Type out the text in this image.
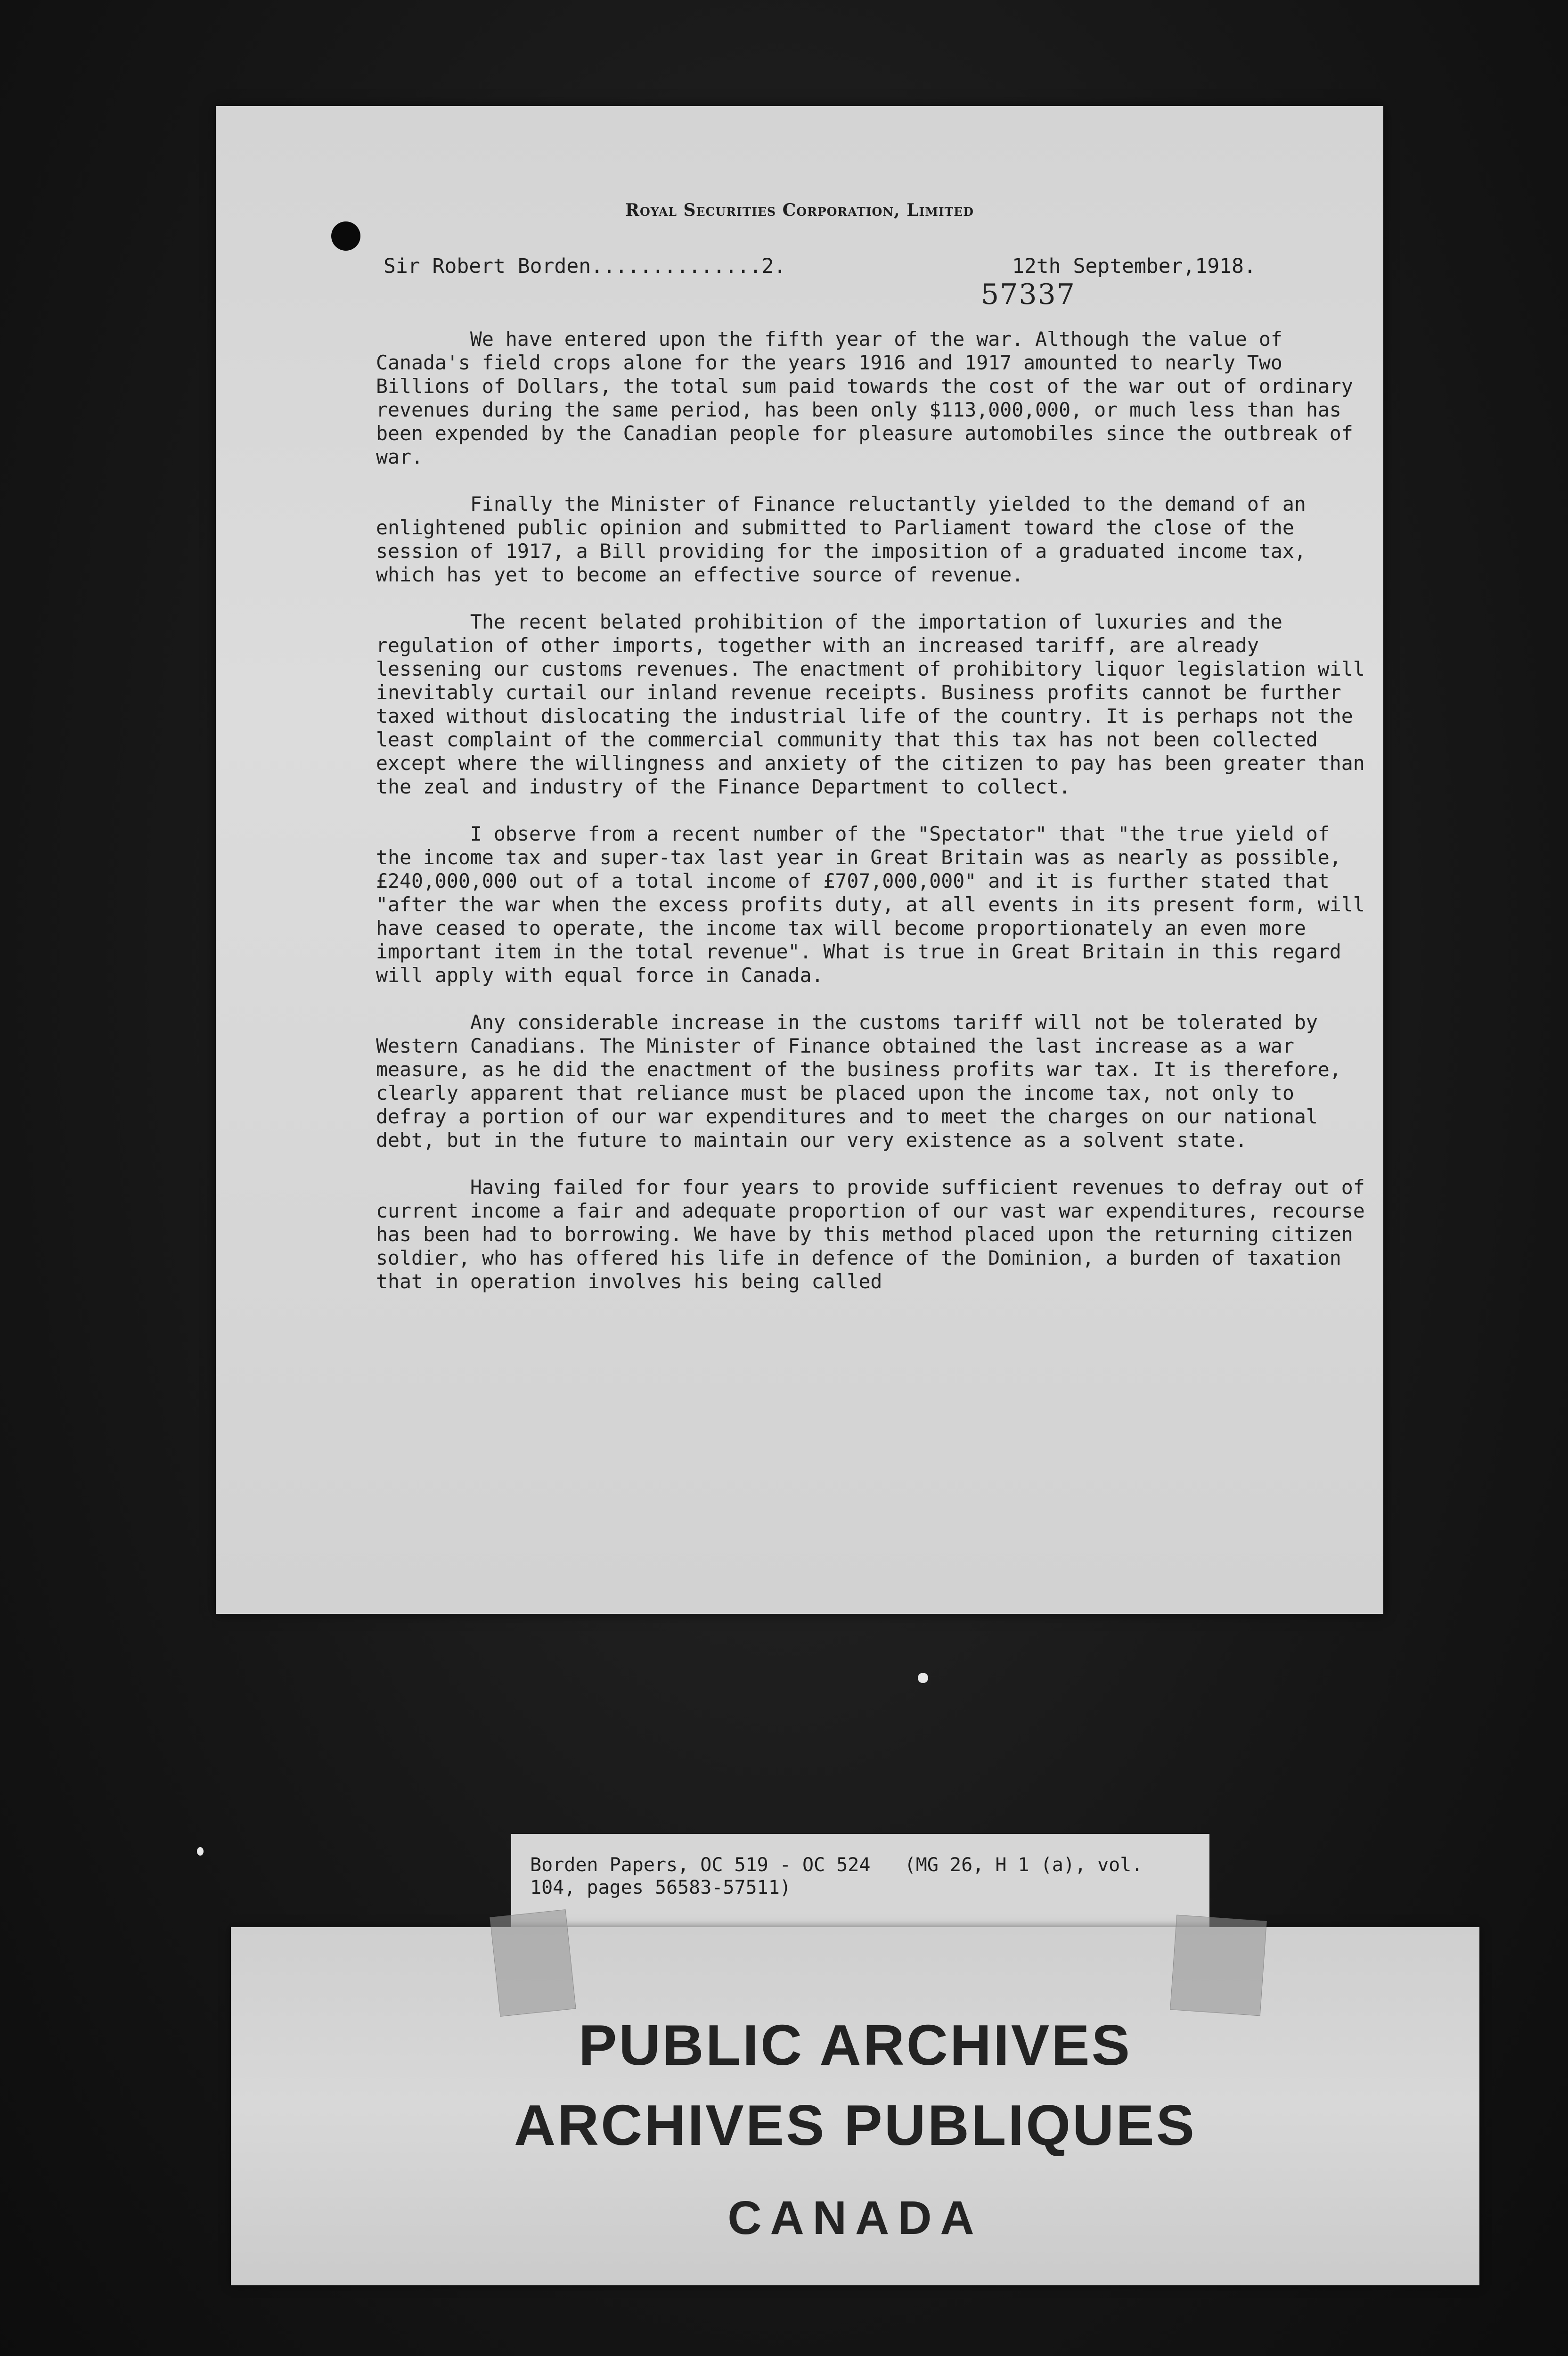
Royal Securities Corporation, Limited
Sir Robert Borden..............2.	12th September,1918.
57337

We have entered upon the fifth year of the war. Although the value of Canada's field crops alone for the years 1916 and 1917 amounted to nearly Two Billions of Dollars, the total sum paid towards the cost of the war out of ordinary revenues during the same period, has been only $113,000,000, or much less than has been expended by the Canadian people for pleasure automobiles since the outbreak of war.

Finally the Minister of Finance reluctantly yielded to the demand of an enlightened public opinion and submitted to Parliament toward the close of the session of 1917, a Bill providing for the imposition of a graduated income tax, which has yet to become an effective source of revenue.

The recent belated prohibition of the importation of luxuries and the regulation of other imports, together with an increased tariff, are already lessening our customs revenues. The enactment of prohibitory liquor legislation will inevitably curtail our inland revenue receipts. Business profits cannot be further taxed without dislocating the industrial life of the country. It is perhaps not the least complaint of the commercial community that this tax has not been collected except where the willingness and anxiety of the citizen to pay has been greater than the zeal and industry of the Finance Department to collect.

I observe from a recent number of the "Spectator" that "the true yield of the income tax and super-tax last year in Great Britain was as nearly as possible, £240,000,000 out of a total income of £707,000,000" and it is further stated that "after the war when the excess profits duty, at all events in its present form, will have ceased to operate, the income tax will become proportionately an even more important item in the total revenue". What is true in Great Britain in this regard will apply with equal force in Canada.

Any considerable increase in the customs tariff will not be tolerated by Western Canadians. The Minister of Finance obtained the last increase as a war measure, as he did the enactment of the business profits war tax. It is therefore, clearly apparent that reliance must be placed upon the income tax, not only to defray a portion of our war expenditures and to meet the charges on our national debt, but in the future to maintain our very existence as a solvent state.

Having failed for four years to provide sufficient revenues to defray out of current income a fair and adequate proportion of our vast war expenditures, recourse has been had to borrowing. We have by this method placed upon the returning citizen soldier, who has offered his life in defence of the Dominion, a burden of taxation that in operation involves his being called

Borden Papers, OC 519 - OC 524   (MG 26, H 1 (a), vol. 104, pages 56583-57511)
PUBLIC ARCHIVES
ARCHIVES PUBLIQUES
CANADA
